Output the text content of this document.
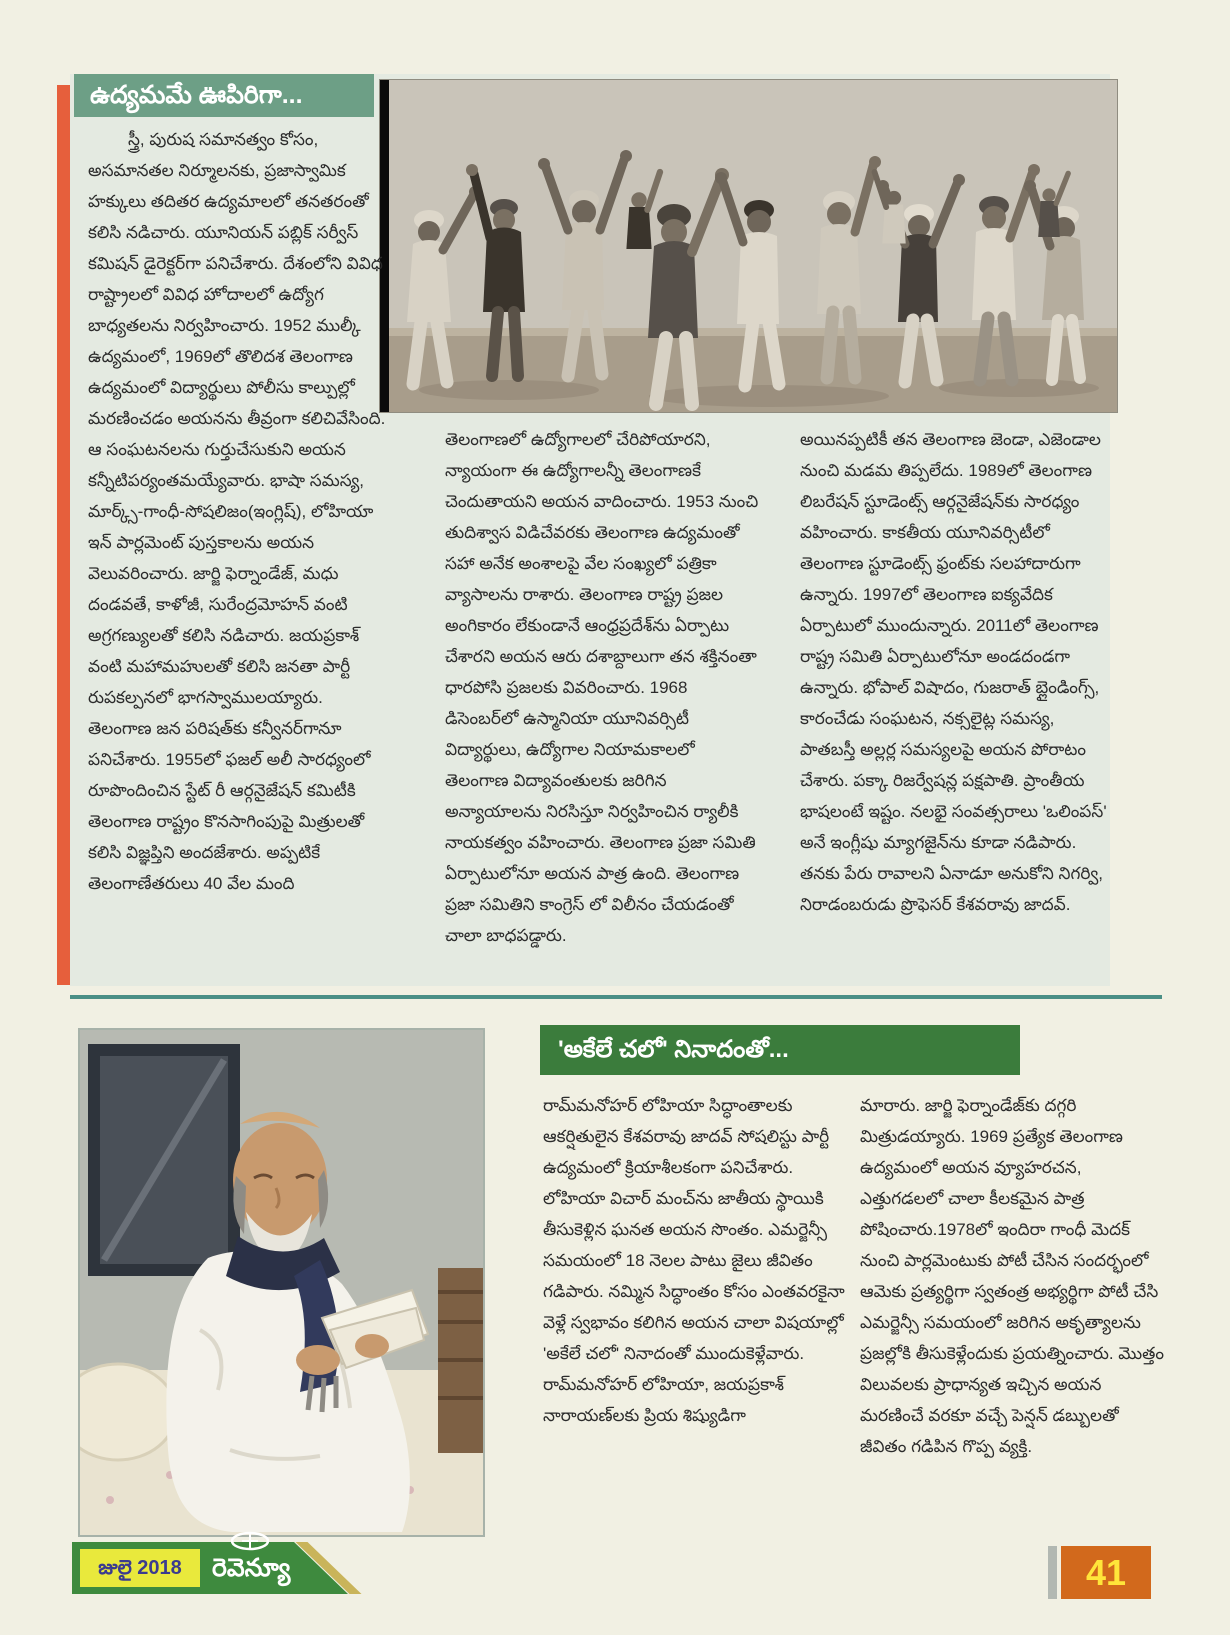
ఉద్యమమే ఊపిరిగా...
స్త్రీ, పురుష సమానత్వం కోసం, అసమానతల నిర్మూలనకు, ప్రజాస్వామిక హక్కులు తదితర ఉద్యమాలలో తనతరంతో కలిసి నడిచారు. యూనియన్ పబ్లిక్ సర్వీస్ కమిషన్ డైరెక్టర్‌గా పనిచేశారు. దేశంలోని వివిధ రాష్ట్రాలలో వివిధ హోదాలలో ఉద్యోగ బాధ్యతలను నిర్వహించారు. 1952 ముల్కీ ఉద్యమంలో, 1969లో తొలిదశ తెలంగాణ ఉద్యమంలో విద్యార్థులు పోలీసు కాల్పుల్లో మరణించడం అయనను తీవ్రంగా కలిచివేసింది. ఆ సంఘటనలను గుర్తుచేసుకుని అయన కన్నీటిపర్యంతమయ్యేవారు. భాషా సమస్య, మార్క్స్-గాంధీ-సోషలిజం(ఇంగ్లిష్), లోహియా ఇన్ పార్లమెంట్ పుస్తకాలను అయన వెలువరించారు. జార్జి ఫెర్నాండేజ్, మధు దండవతే, కాళోజీ, సురేంద్రమోహన్ వంటి అగ్రగణ్యులతో కలిసి నడిచారు. జయప్రకాశ్ వంటి మహామహులతో కలిసి జనతా పార్టీ రుపకల్పనలో భాగస్వాములయ్యారు. తెలంగాణ జన పరిషత్‌కు కన్వీనర్‌గానూ పనిచేశారు. 1955లో ఫజల్ అలీ సారధ్యంలో రూపొందించిన స్టేట్ రీ ఆర్గనైజేషన్ కమిటీకి తెలంగాణ రాష్ట్రం కొనసాగింపుపై మిత్రులతో కలిసి విజ్ఞప్తిని అందజేశారు. అప్పటికే తెలంగాణేతరులు 40 వేల మంది
తెలంగాణలో ఉద్యోగాలలో చేరిపోయారని, న్యాయంగా ఈ ఉద్యోగాలన్నీ తెలంగాణకే చెందుతాయని అయన వాదించారు. 1953 నుంచి తుదిశ్వాస విడిచేవరకు తెలంగాణ ఉద్యమంతో సహా అనేక అంశాలపై వేల సంఖ్యలో పత్రికా వ్యాసాలను రాశారు. తెలంగాణ రాష్ట్ర ప్రజల అంగికారం లేకుండానే ఆంధ్రప్రదేశ్‌ను ఏర్పాటు చేశారని అయన ఆరు దశాబ్దాలుగా తన శక్తినంతా ధారపోసి ప్రజలకు వివరించారు. 1968 డిసెంబర్‌లో ఉస్మానియా యూనివర్సిటీ విద్యార్థులు, ఉద్యోగాల నియామకాలలో తెలంగాణ విద్యావంతులకు జరిగిన అన్యాయాలను నిరసిస్తూ నిర్వహించిన ర్యాలీకి నాయకత్వం వహించారు. తెలంగాణ ప్రజా సమితి ఏర్పాటులోనూ అయన పాత్ర ఉంది. తెలంగాణ ప్రజా సమితిని కాంగ్రెస్ లో విలీనం చేయడంతో చాలా బాధపడ్డారు.
అయినప్పటికీ తన తెలంగాణ జెండా, ఎజెండాల నుంచి మడమ తిప్పలేదు. 1989లో తెలంగాణ లిబరేషన్ స్టూడెంట్స్ ఆర్గనైజేషన్‌కు సారధ్యం వహించారు. కాకతీయ యూనివర్సిటీలో తెలంగాణ స్టూడెంట్స్ ఫ్రంట్‌కు సలహాదారుగా ఉన్నారు. 1997లో తెలంగాణ ఐక్యవేదిక ఏర్పాటులో ముందున్నారు. 2011లో తెలంగాణ రాష్ట్ర సమితి ఏర్పాటులోనూ అండదండగా ఉన్నారు. భోపాల్ విషాదం, గుజరాత్ బ్లైండింగ్స్, కారంచేడు సంఘటన, నక్సలైట్ల సమస్య, పాతబస్తీ అల్లర్ల సమస్యలపై అయన పోరాటం చేశారు. పక్కా రిజర్వేషన్ల పక్షపాతి. ప్రాంతీయ భాషలంటే ఇష్టం. నలభై సంవత్సరాలు 'ఒలింపస్' అనే ఇంగ్లీషు మ్యాగజైన్‌ను కూడా నడిపారు. తనకు పేరు రావాలని ఏనాడూ అనుకోని నిగర్వి, నిరాడంబరుడు ప్రొఫెసర్ కేశవరావు జాదవ్.
'అకేలే చలో' నినాదంతో...
రామ్‌మనోహర్ లోహియా సిద్ధాంతాలకు ఆకర్షితులైన కేశవరావు జాదవ్ సోషలిస్టు పార్టీ ఉద్యమంలో క్రియాశీలకంగా పనిచేశారు. లోహియా విచార్ మంచ్‌ను జాతీయ స్థాయికి తీసుకెళ్లిన ఘనత అయన సొంతం. ఎమర్జెన్సీ సమయంలో 18 నెలల పాటు జైలు జీవితం గడిపారు. నమ్మిన సిద్ధాంతం కోసం ఎంతవరకైనా వెళ్లే స్వభావం కలిగిన అయన చాలా విషయాల్లో 'అకేలే చలో' నినాదంతో ముందుకెళ్లేవారు. రామ్‌మనోహర్ లోహియా, జయప్రకాశ్ నారాయణ్‌లకు ప్రియ శిష్యుడిగా
మారారు. జార్జి ఫెర్నాండేజ్‌కు దగ్గరి మిత్రుడయ్యారు. 1969 ప్రత్యేక తెలంగాణ ఉద్యమంలో అయన వ్యూహరచన, ఎత్తుగడలలో చాలా కీలకమైన పాత్ర పోషించారు.1978లో ఇందిరా గాంధీ మెదక్ నుంచి పార్లమెంటుకు పోటీ చేసిన సందర్భంలో ఆమెకు ప్రత్యర్థిగా స్వతంత్ర అభ్యర్థిగా పోటీ చేసి ఎమర్జెన్సీ సమయంలో జరిగిన అకృత్యాలను ప్రజల్లోకి తీసుకెళ్లేందుకు ప్రయత్నించారు. మొత్తం విలువలకు ప్రాధాన్యత ఇచ్చిన అయన మరణించే వరకూ వచ్చే పెన్షన్ డబ్బులతో జీవితం గడిపిన గొప్ప వ్యక్తి.
జులై 2018	రెవెన్యూ	41
